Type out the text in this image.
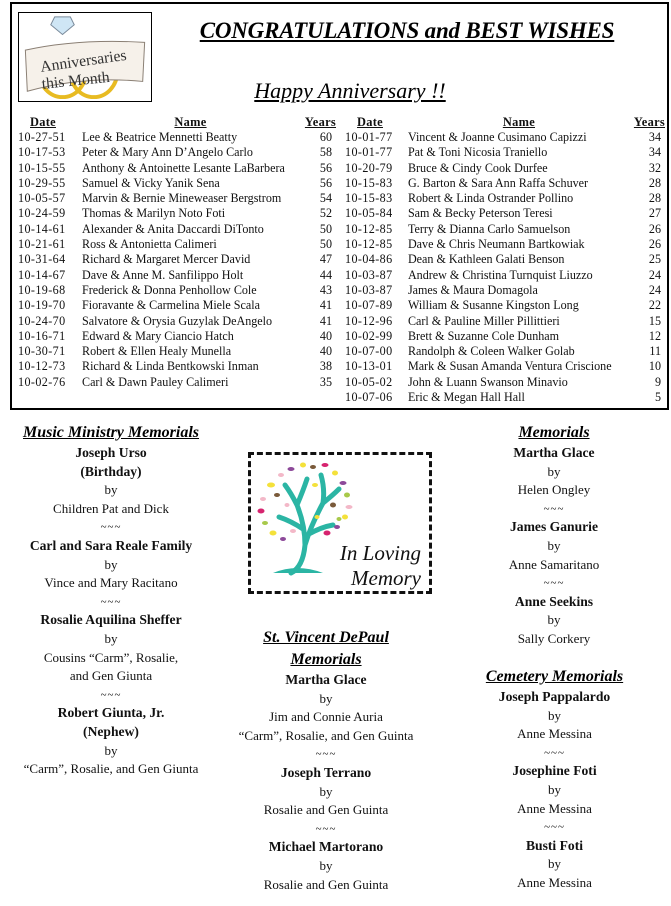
Anniversaries
this Month
CONGRATULATIONS and BEST WISHES
Happy Anniversary !!
Date	Name	Years
10-27-51	Lee & Beatrice Mennetti Beatty	60
10-17-53	Peter & Mary Ann D’Angelo Carlo	58
10-15-55	Anthony & Antoinette Lesante LaBarbera	56
10-29-55	Samuel & Vicky Yanik Sena	56
10-05-57	Marvin & Bernie Mineweaser Bergstrom	54
10-24-59	Thomas & Marilyn Noto Foti	52
10-14-61	Alexander & Anita Daccardi DiTonto	50
10-21-61	Ross & Antonietta Calimeri	50
10-31-64	Richard & Margaret Mercer David	47
10-14-67	Dave & Anne M. Sanfilippo Holt	44
10-19-68	Frederick & Donna Penhollow Cole	43
10-19-70	Fioravante & Carmelina Miele Scala	41
10-24-70	Salvatore & Orysia Guzylak DeAngelo	41
10-16-71	Edward & Mary Ciancio Hatch	40
10-30-71	Robert & Ellen Healy Munella	40
10-12-73	Richard & Linda Bentkowski Inman	38
10-02-76	Carl & Dawn Pauley Calimeri	35
Date	Name	Years
10-01-77	Vincent & Joanne Cusimano Capizzi	34
10-01-77	Pat & Toni Nicosia Traniello	34
10-20-79	Bruce & Cindy Cook Durfee	32
10-15-83	G. Barton & Sara Ann Raffa Schuver	28
10-15-83	Robert & Linda Ostrander Pollino	28
10-05-84	Sam & Becky Peterson Teresi	27
10-12-85	Terry & Dianna Carlo Samuelson	26
10-12-85	Dave & Chris Neumann Bartkowiak	26
10-04-86	Dean & Kathleen Galati Benson	25
10-03-87	Andrew & Christina Turnquist Liuzzo	24
10-03-87	James & Maura Domagola	24
10-07-89	William & Susanne Kingston Long	22
10-12-96	Carl & Pauline Miller Pillittieri	15
10-02-99	Brett & Suzanne Cole Dunham	12
10-07-00	Randolph & Coleen Walker Golab	11
10-13-01	Mark & Susan Amanda Ventura Criscione	10
10-05-02	John & Luann Swanson Minavio	9
10-07-06	Eric & Megan Hall Hall	5
Music Ministry Memorials
Joseph Urso
(Birthday)
by
Children Pat and Dick
~~~
Carl and Sara Reale Family
by
Vince and Mary Racitano
~~~
Rosalie Aquilina Sheffer
by
Cousins “Carm”, Rosalie,
and Gen Giunta
~~~
Robert Giunta, Jr.
(Nephew)
by
“Carm”, Rosalie, and Gen Giunta
In Loving
Memory
St. Vincent DePaul
Memorials
Martha Glace
by
Jim and Connie Auria
“Carm”, Rosalie, and Gen Guinta
~~~
Joseph Terrano
by
Rosalie and Gen Guinta
~~~
Michael Martorano
by
Rosalie and Gen Guinta
Memorials
Martha Glace
by
Helen Ongley
~~~
James Ganurie
by
Anne Samaritano
~~~
Anne Seekins
by
Sally Corkery
Cemetery Memorials
Joseph Pappalardo
by
Anne Messina
~~~
Josephine Foti
by
Anne Messina
~~~
Busti Foti
by
Anne Messina
